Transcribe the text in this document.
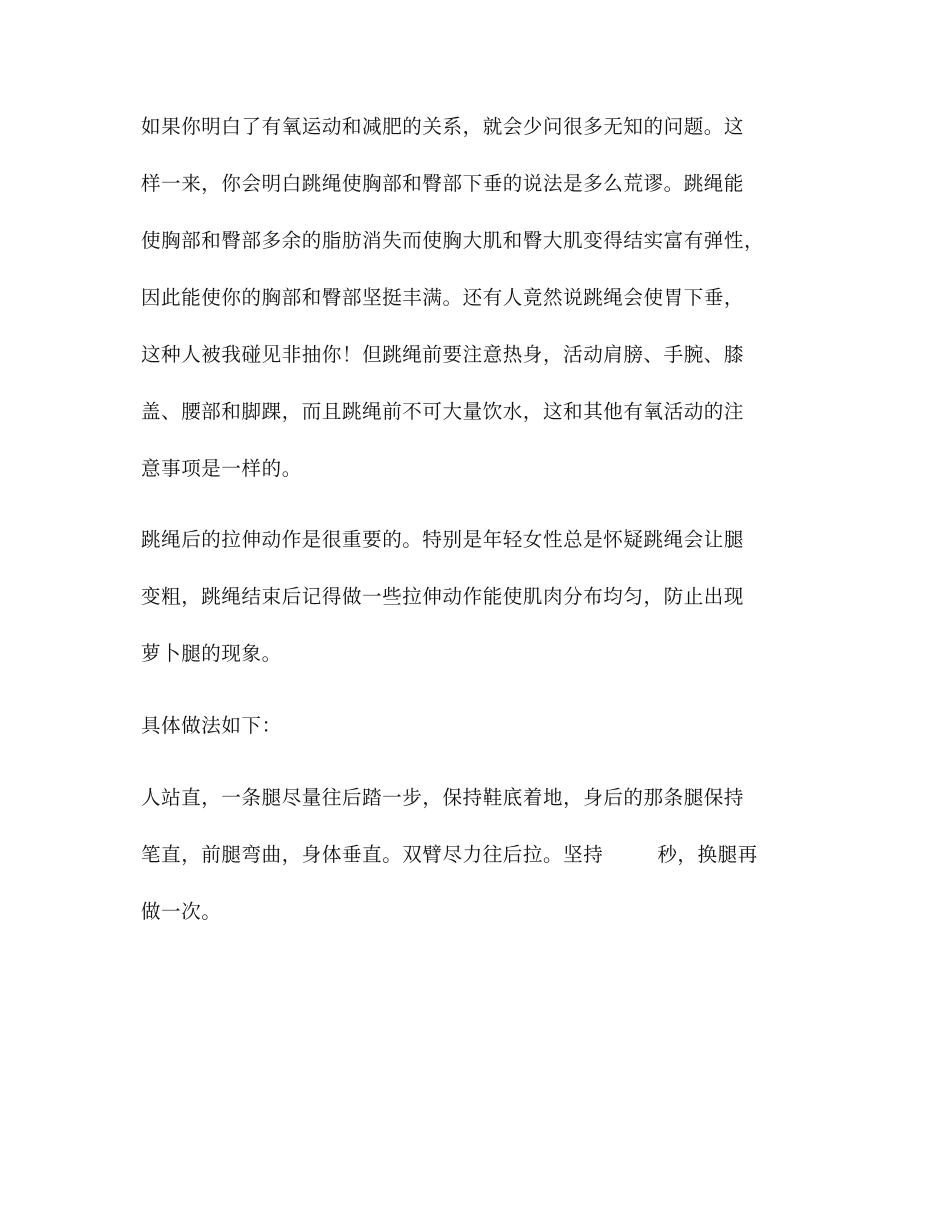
如果你明白了有氧运动和减肥的关系，就会少问很多无知的问题。这
样一来，你会明白跳绳使胸部和臀部下垂的说法是多么荒谬。跳绳能
使胸部和臀部多余的脂肪消失而使胸大肌和臀大肌变得结实富有弹性，
因此能使你的胸部和臀部坚挺丰满。还有人竟然说跳绳会使胃下垂，
这种人被我碰见非抽你！但跳绳前要注意热身，活动肩膀、手腕、膝
盖、腰部和脚踝，而且跳绳前不可大量饮水，这和其他有氧活动的注
意事项是一样的。
跳绳后的拉伸动作是很重要的。特别是年轻女性总是怀疑跳绳会让腿
变粗，跳绳结束后记得做一些拉伸动作能使肌肉分布均匀，防止出现
萝卜腿的现象。
具体做法如下：
人站直，一条腿尽量往后踏一步，保持鞋底着地，身后的那条腿保持
笔直，前腿弯曲，身体垂直。双臂尽力往后拉。坚持	秒，换腿再
做一次。
